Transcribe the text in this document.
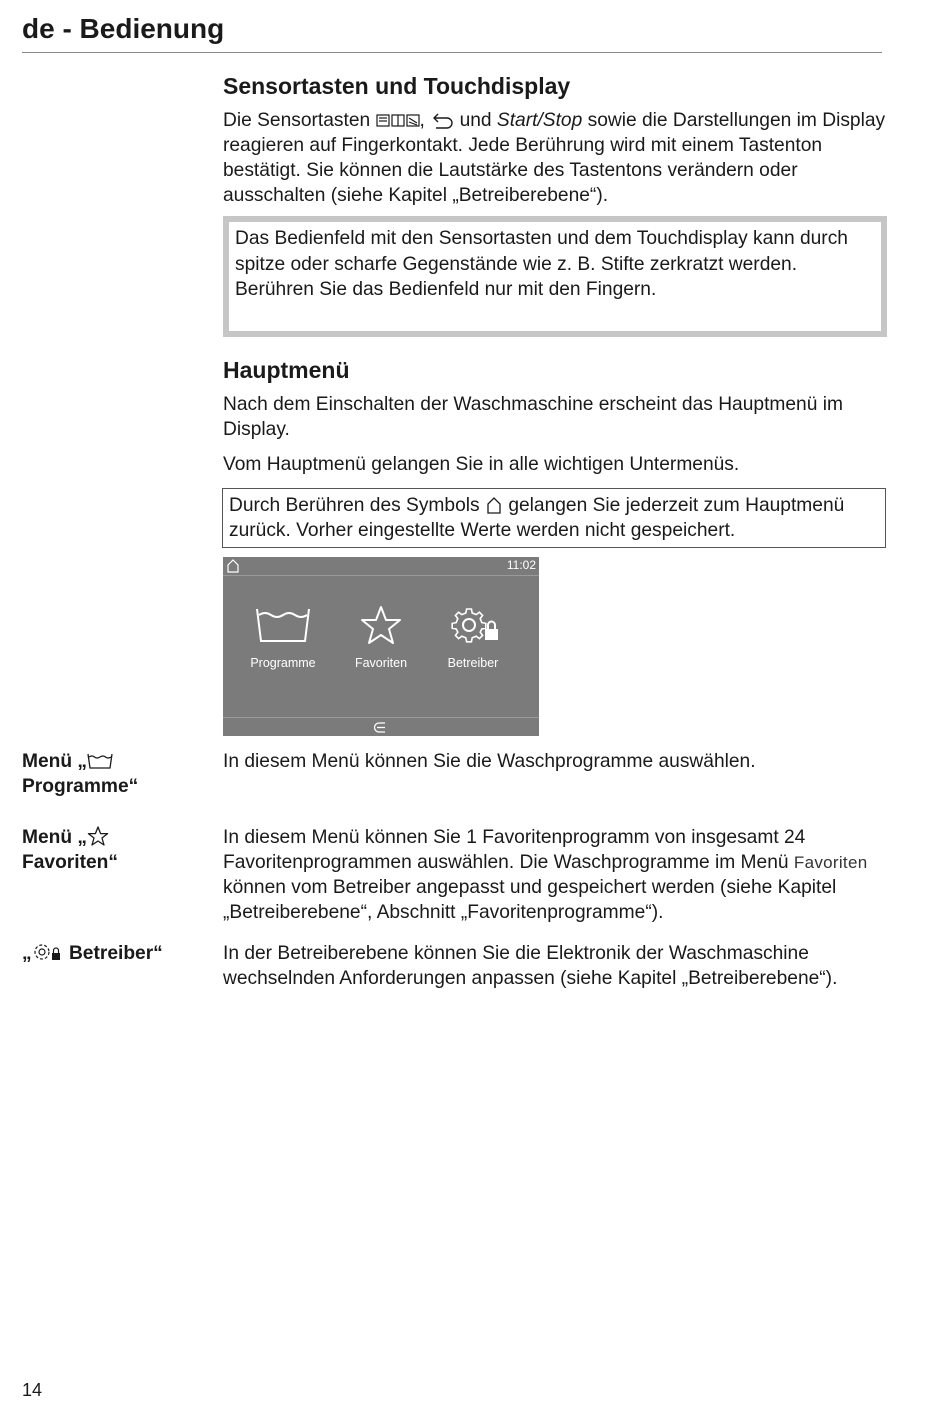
de - Bedienung
Sensortasten und Touchdisplay

Die Sensortasten	, und Start/Stop sowie die Darstellungen im Display reagieren auf Fingerkontakt. Jede Berührung wird mit einem Tastenton bestätigt. Sie können die Lautstärke des Tastentons verändern oder ausschalten (siehe Kapitel „Betreiberebene“).

Das Bedienfeld mit den Sensortasten und dem Touchdisplay kann durch spitze oder scharfe Gegenstände wie z. B. Stifte zerkratzt werden.
Berühren Sie das Bedienfeld nur mit den Fingern.
Hauptmenü

Nach dem Einschalten der Waschmaschine erscheint das Hauptmenü im Display.

Vom Hauptmenü gelangen Sie in alle wichtigen Untermenüs.

Durch Berühren des Symbols gelangen Sie jederzeit zum Hauptmenü zurück. Vorher eingestellte Werte werden nicht gespeichert.
11:02
Programme	Favoriten	Betreiber
Menü „ Programme“
In diesem Menü können Sie die Waschprogramme auswählen.
Menü „ Favoriten“
In diesem Menü können Sie 1 Favoritenprogramm von insgesamt 24 Favoritenprogrammen auswählen. Die Waschprogramme im Menü Favoriten können vom Betreiber angepasst und gespeichert werden (siehe Kapitel „Betreiberebene“, Abschnitt „Favoritenprogramme“).
„ Betreiber“	In der Betreiberebene können Sie die Elektronik der Waschmaschine wechselnden Anforderungen anpassen (siehe Kapitel „Betreiberebene“).
14
